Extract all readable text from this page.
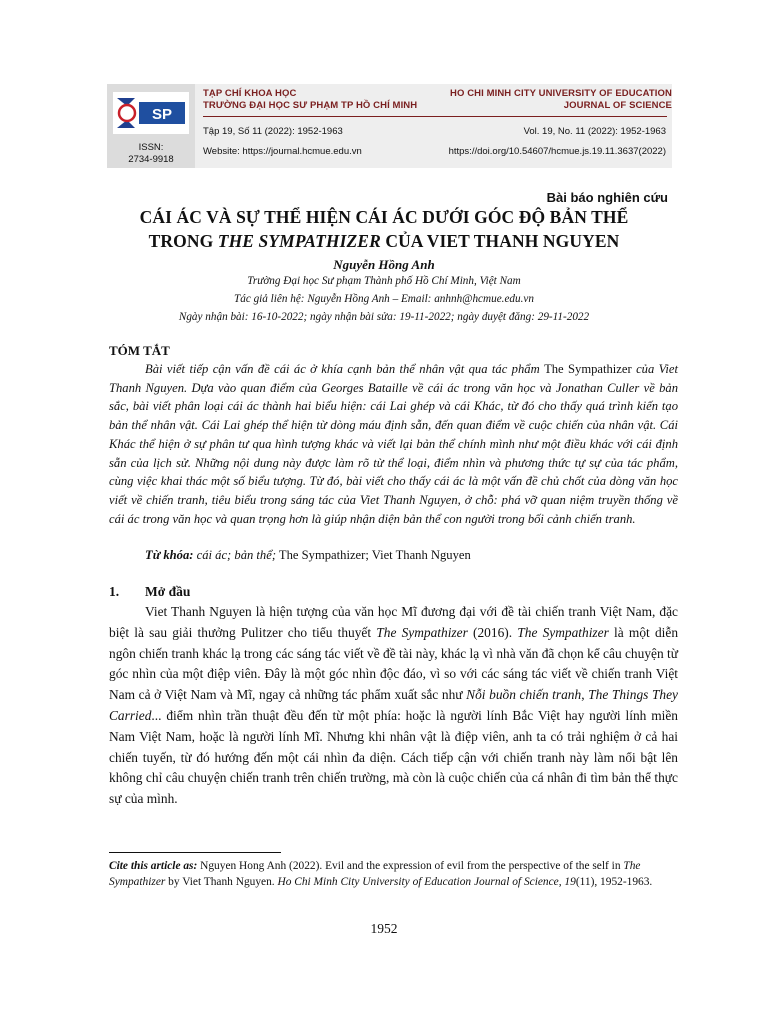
SP
ISSN:
2734-9918
TẠP CHÍ KHOA HỌC
TRƯỜNG ĐẠI HỌC SƯ PHẠM TP HỒ CHÍ MINH
HO CHI MINH CITY UNIVERSITY OF EDUCATION
JOURNAL OF SCIENCE
Tập 19, Số 11 (2022): 1952-1963	Vol. 19, No. 11 (2022): 1952-1963
Website: https://journal.hcmue.edu.vn	https://doi.org/10.54607/hcmue.js.19.11.3637(2022)
Bài báo nghiên cứu
CÁI ÁC VÀ SỰ THỂ HIỆN CÁI ÁC DƯỚI GÓC ĐỘ BẢN THỂ
TRONG THE SYMPATHIZER CỦA VIET THANH NGUYEN
Nguyễn Hồng Anh
Trường Đại học Sư phạm Thành phố Hồ Chí Minh, Việt Nam
Tác giả liên hệ: Nguyễn Hồng Anh – Email: anhnh@hcmue.edu.vn
Ngày nhận bài: 16-10-2022; ngày nhận bài sửa: 19-11-2022; ngày duyệt đăng: 29-11-2022
TÓM TẮT

Bài viết tiếp cận vấn đề cái ác ở khía cạnh bản thể nhân vật qua tác phẩm The Sympathizer của Viet Thanh Nguyen. Dựa vào quan điểm của Georges Bataille về cái ác trong văn học và Jonathan Culler về bản sắc, bài viết phân loại cái ác thành hai biểu hiện: cái Lai ghép và cái Khác, từ đó cho thấy quá trình kiến tạo bản thể nhân vật. Cái Lai ghép thể hiện từ dòng máu định sẵn, đến quan điểm về cuộc chiến của nhân vật. Cái Khác thể hiện ở sự phân tư qua hình tượng khác và viết lại bản thể chính mình như một điều khác với cái định sẵn của lịch sử. Những nội dung này được làm rõ từ thể loại, điểm nhìn và phương thức tự sự của tác phẩm, cùng việc khai thác một số biểu tượng. Từ đó, bài viết cho thấy cái ác là một vấn đề chủ chốt của dòng văn học viết về chiến tranh, tiêu biểu trong sáng tác của Viet Thanh Nguyen, ở chỗ: phá vỡ quan niệm truyền thống về cái ác trong văn học và quan trọng hơn là giúp nhận diện bản thể con người trong bối cảnh chiến tranh.

Từ khóa: cái ác; bản thể; The Sympathizer; Viet Thanh Nguyen
1. Mở đầu

Viet Thanh Nguyen là hiện tượng của văn học Mĩ đương đại với đề tài chiến tranh Việt Nam, đặc biệt là sau giải thưởng Pulitzer cho tiểu thuyết The Sympathizer (2016). The Sympathizer là một diễn ngôn chiến tranh khác lạ trong các sáng tác viết về đề tài này, khác lạ vì nhà văn đã chọn kể câu chuyện từ góc nhìn của một điệp viên. Đây là một góc nhìn độc đáo, vì so với các sáng tác viết về chiến tranh Việt Nam cả ở Việt Nam và Mĩ, ngay cả những tác phẩm xuất sắc như Nỗi buồn chiến tranh, The Things They Carried... điểm nhìn trần thuật đều đến từ một phía: hoặc là người lính Bắc Việt hay người lính miền Nam Việt Nam, hoặc là người lính Mĩ. Nhưng khi nhân vật là điệp viên, anh ta có trải nghiệm ở cả hai chiến tuyến, từ đó hướng đến một cái nhìn đa diện. Cách tiếp cận với chiến tranh này làm nổi bật lên không chỉ câu chuyện chiến tranh trên chiến trường, mà còn là cuộc chiến của cá nhân đi tìm bản thể thực sự của mình.

Cite this article as: Nguyen Hong Anh (2022). Evil and the expression of evil from the perspective of the self in The Sympathizer by Viet Thanh Nguyen. Ho Chi Minh City University of Education Journal of Science, 19(11), 1952-1963.

1952
